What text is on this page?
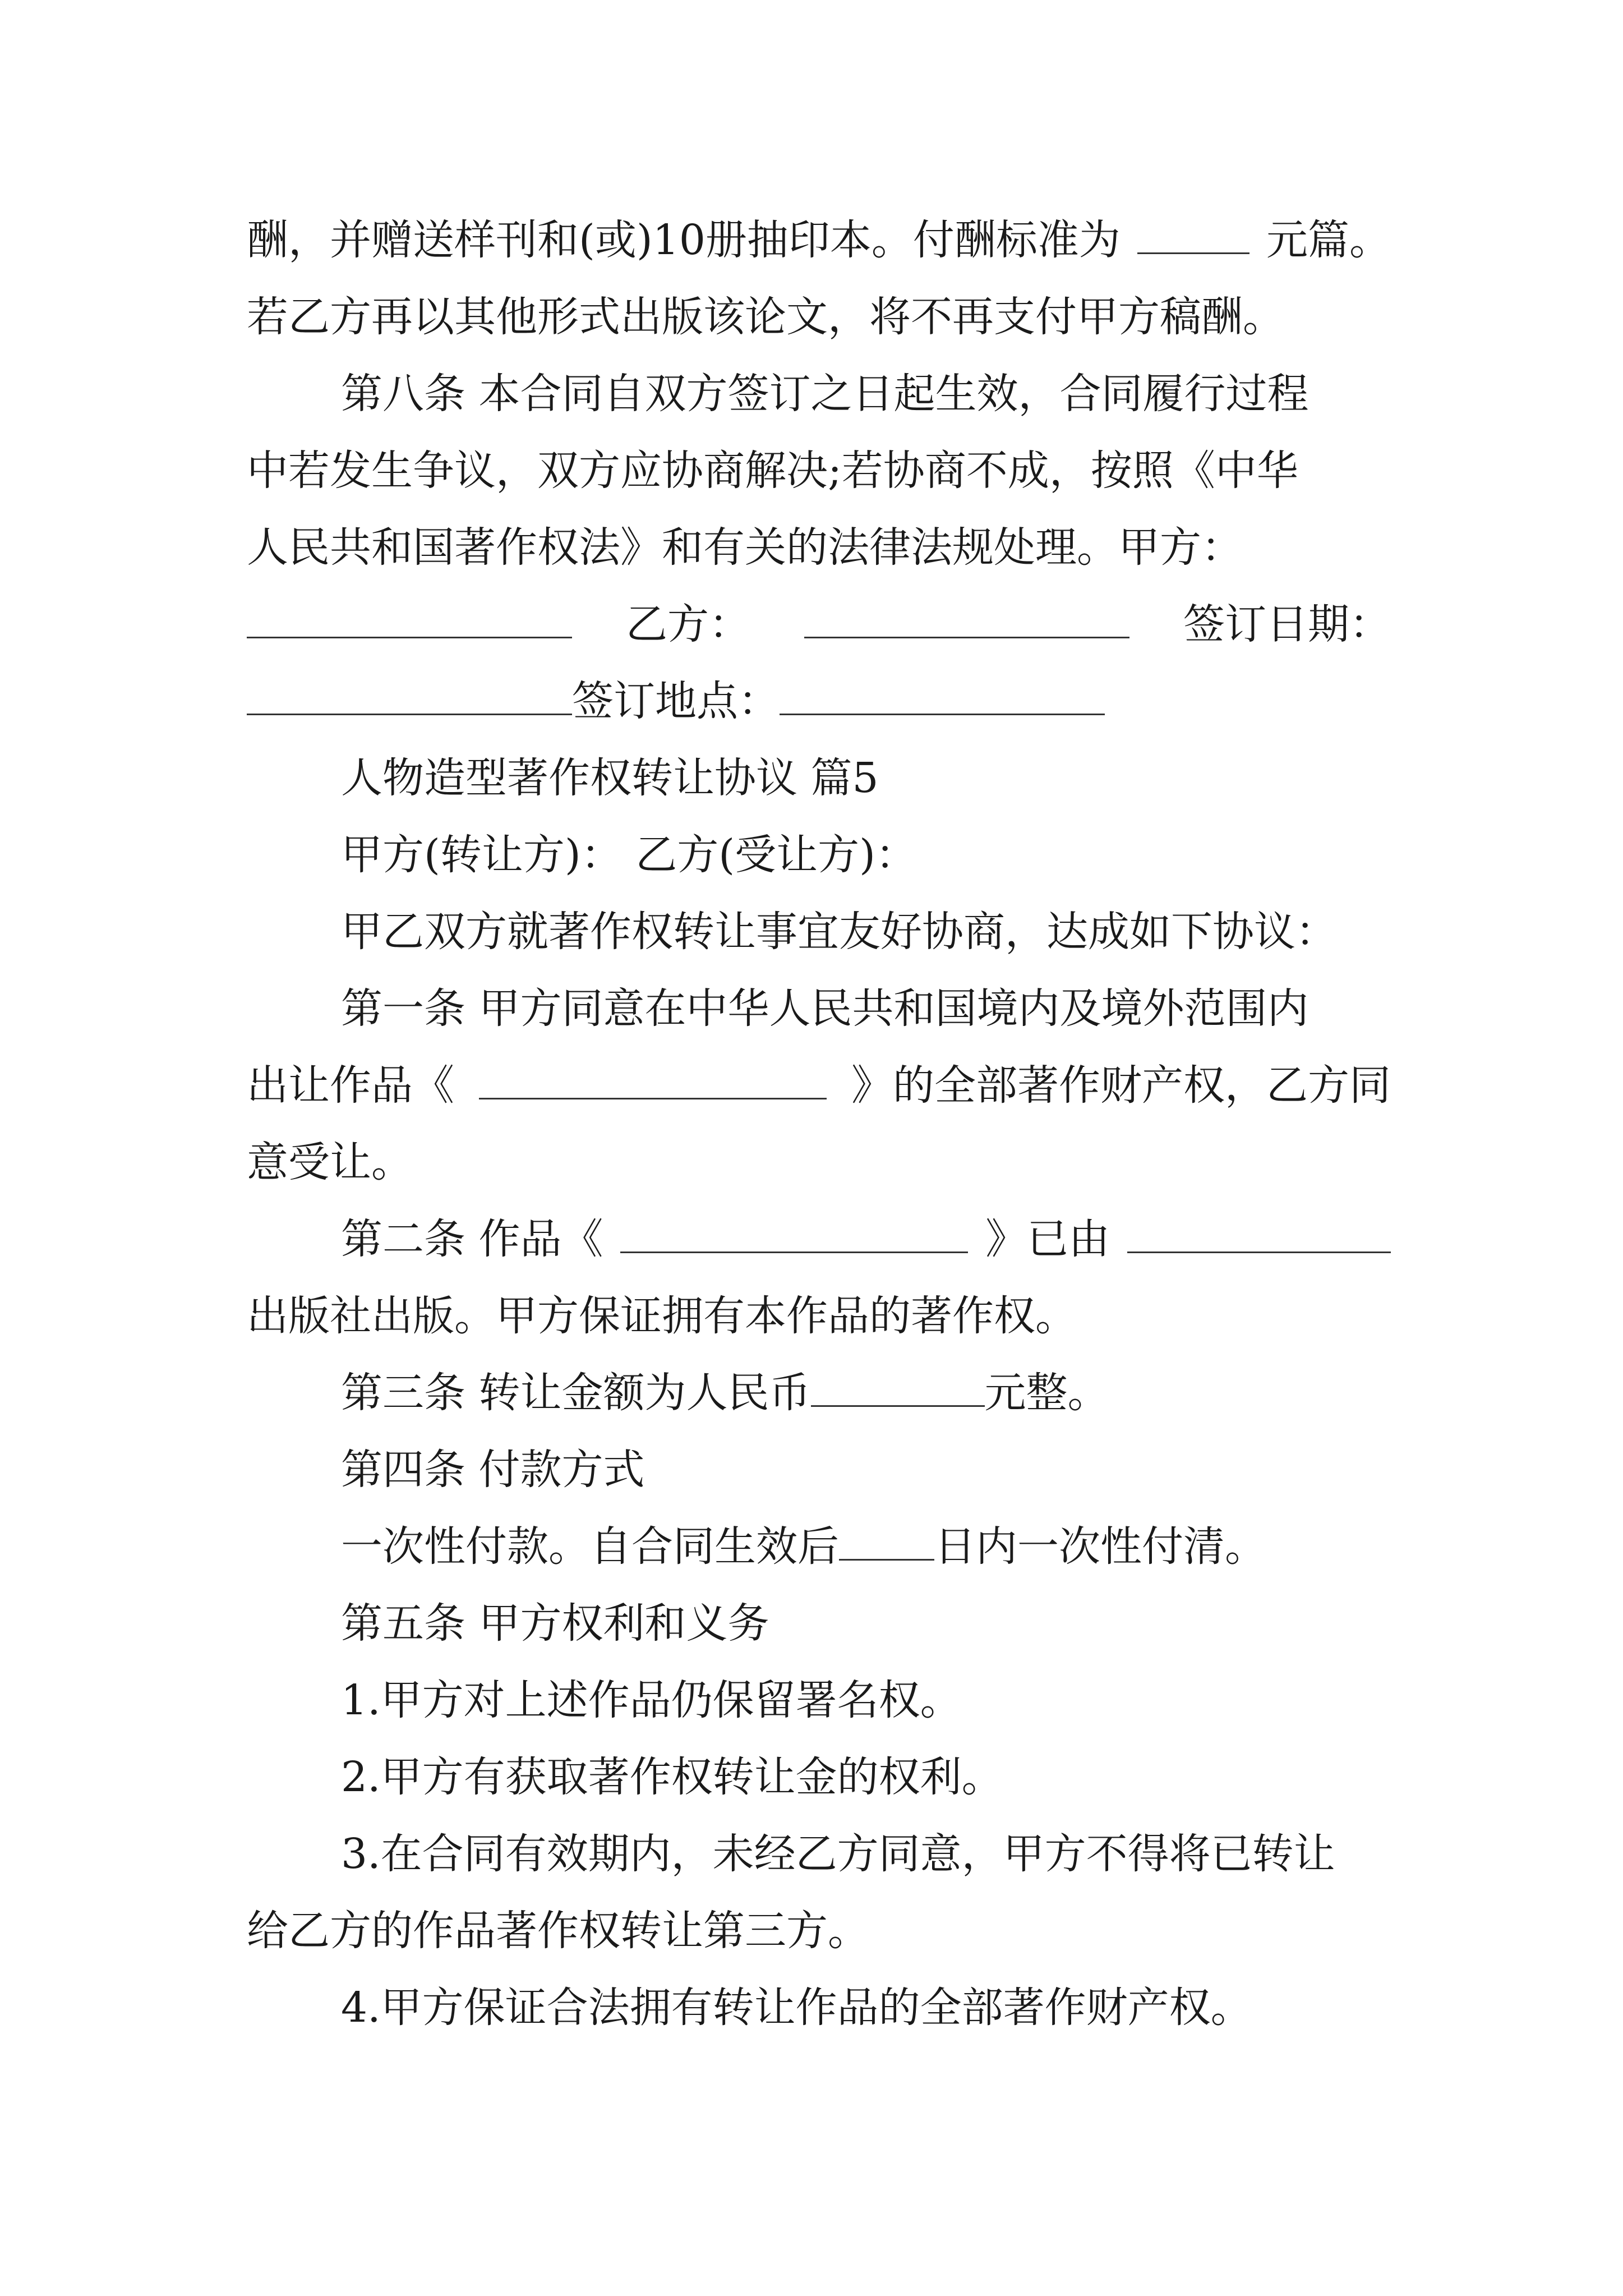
酬，并赠送样刊和(或)10册抽印本。付酬标准为	元篇。
若乙方再以其他形式出版该论文，将不再支付甲方稿酬。
第八条 本合同自双方签订之日起生效，合同履行过程
中若发生争议，双方应协商解决;若协商不成，按照《中华
人民共和国著作权法》和有关的法律法规处理。甲方：
乙方：	签订日期：
签订地点：
人物造型著作权转让协议 篇5
甲方(转让方)： 乙方(受让方)：
甲乙双方就著作权转让事宜友好协商，达成如下协议：
第一条 甲方同意在中华人民共和国境内及境外范围内
出让作品《	》的全部著作财产权，乙方同
意受让。
第二条 作品《	》已由
出版社出版。甲方保证拥有本作品的著作权。
第三条 转让金额为人民币	元整。
第四条 付款方式
一次性付款。自合同生效后 日内一次性付清。
第五条 甲方权利和义务
1.甲方对上述作品仍保留署名权。
2.甲方有获取著作权转让金的权利。
3.在合同有效期内，未经乙方同意，甲方不得将已转让
给乙方的作品著作权转让第三方。
4.甲方保证合法拥有转让作品的全部著作财产权。
